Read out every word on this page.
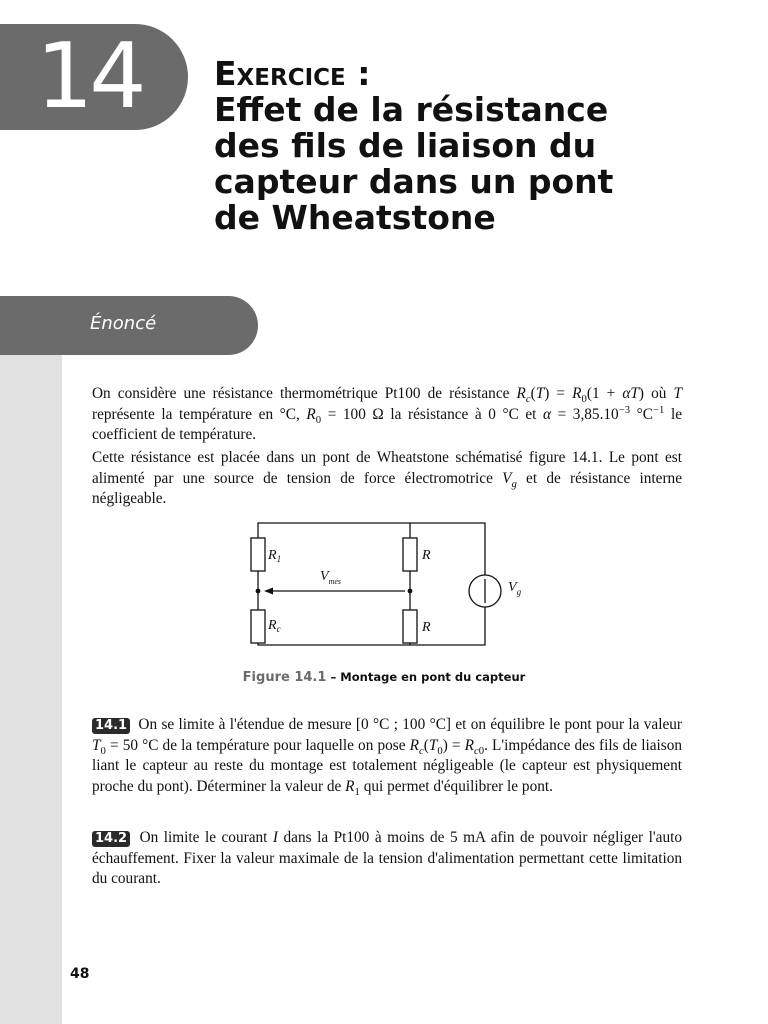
14 Exercice :
Effet de la résistance
des fils de liaison du
capteur dans un pont
de Wheatstone
Énoncé
On considère une résistance thermométrique Pt100 de résistance $R_c(T) = R_0(1 + \alpha T)$ où T représente la température en °C, $R_0 = 100$ Ω la résistance à 0 °C et $\alpha = 3,85.10^{-3}$ $^\circ C^{-1}$ le coefficient de température.
Cette résistance est placée dans un pont de Wheatstone schématisé figure 14.1. Le pont est alimenté par une source de tension de force électromotrice $V_g$ et de résistance interne négligeable.
$R_1$
$R_c$
R
R
$V_{mes}$	$V_g$
Figure 14.1 – Montage en pont du capteur
14.1 On se limite à l'étendue de mesure [0 °C ; 100 °C] et on équilibre le pont pour la valeur $T_0 = 50$ °C de la température pour laquelle on pose $R_c(T_0) = R_{c0}$. L'impédance des fils de liaison liant le capteur au reste du montage est totalement négligeable (le capteur est physiquement proche du pont). Déterminer la valeur de $R_1$ qui permet d'équilibrer le pont.
14.2 On limite le courant I dans la Pt100 à moins de 5 mA afin de pouvoir négliger l'auto échauffement. Fixer la valeur maximale de la tension d'alimentation permettant cette limitation du courant.
48
